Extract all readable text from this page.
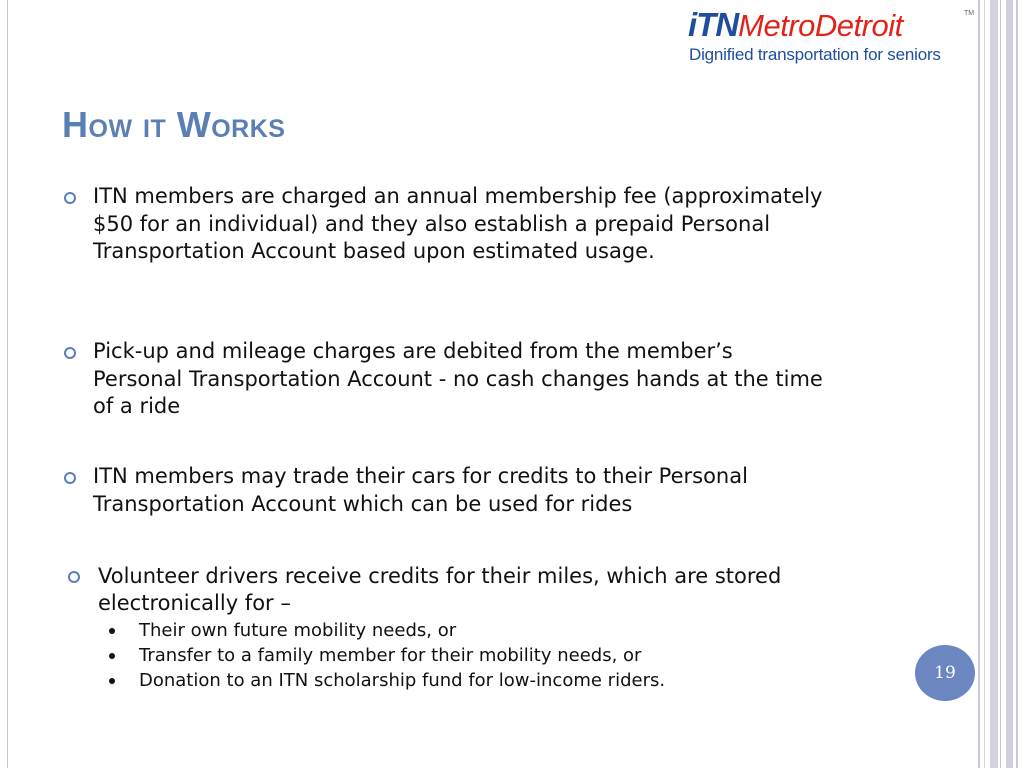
iTNMetroDetroit	TM
Dignified transportation for seniors
How it Works
ITN members are charged an annual membership fee (approximately $50 for an individual) and they also establish a prepaid Personal Transportation Account based upon estimated usage.
Pick-up and mileage charges are debited from the member’s Personal Transportation Account - no cash changes hands at the time of a ride
ITN members may trade their cars for credits to their Personal Transportation Account which can be used for rides
Volunteer drivers receive credits for their miles, which are stored electronically for –
Their own future mobility needs, or
Transfer to a family member for their mobility needs, or
Donation to an ITN scholarship fund for low-income riders.	19
